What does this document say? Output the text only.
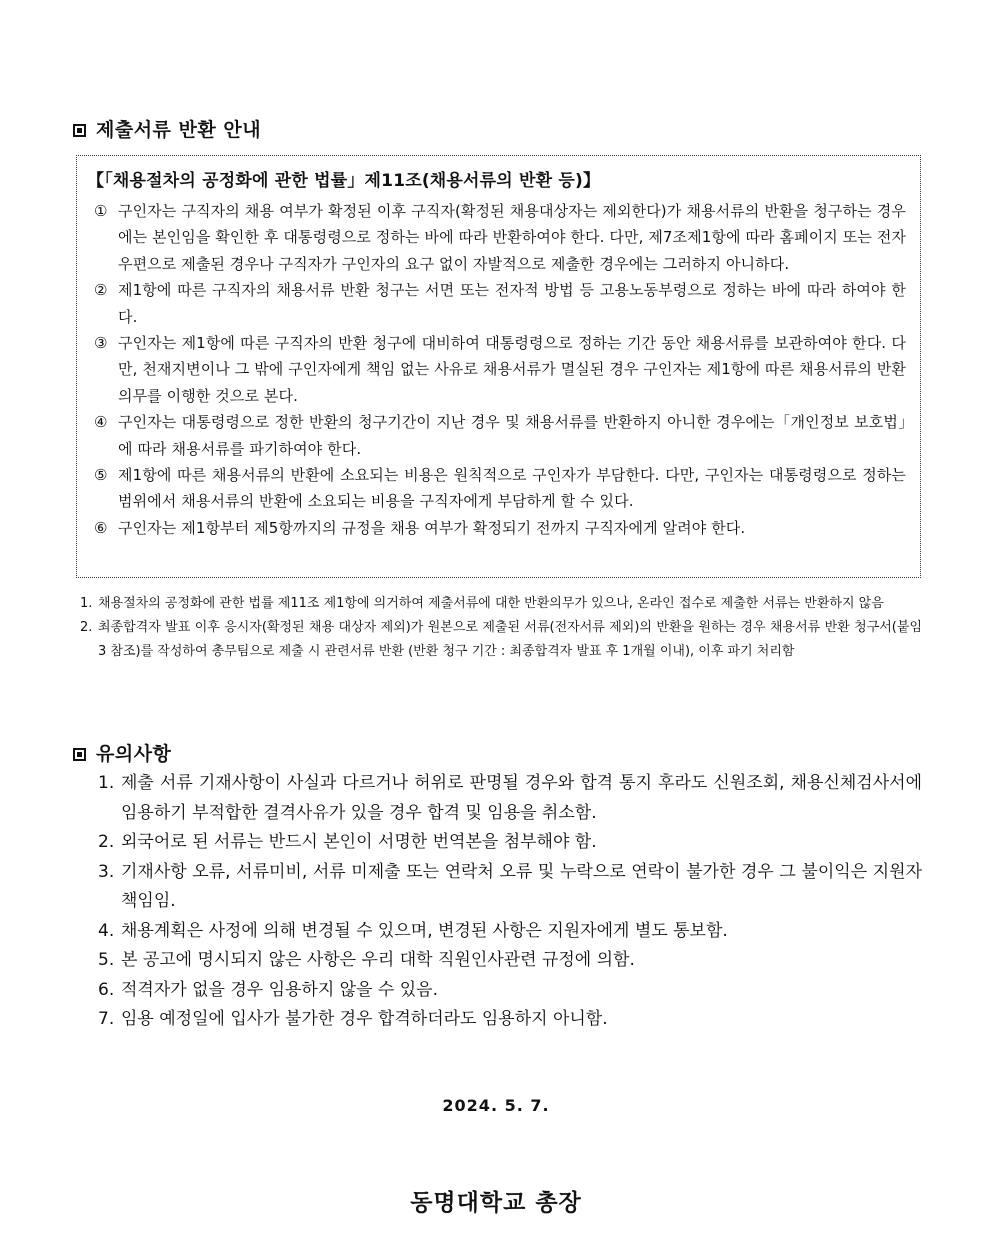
제출서류 반환 안내
【「채용절차의 공정화에 관한 법률」제11조(채용서류의 반환 등)】
① 구인자는 구직자의 채용 여부가 확정된 이후 구직자(확정된 채용대상자는 제외한다)가 채용서류의 반환을 청구하는 경우에는 본인임을 확인한 후 대통령령으로 정하는 바에 따라 반환하여야 한다. 다만, 제7조제1항에 따라 홈페이지 또는 전자우편으로 제출된 경우나 구직자가 구인자의 요구 없이 자발적으로 제출한 경우에는 그러하지 아니하다.
② 제1항에 따른 구직자의 채용서류 반환 청구는 서면 또는 전자적 방법 등 고용노동부령으로 정하는 바에 따라 하여야 한다.
③ 구인자는 제1항에 따른 구직자의 반환 청구에 대비하여 대통령령으로 정하는 기간 동안 채용서류를 보관하여야 한다. 다만, 천재지변이나 그 밖에 구인자에게 책임 없는 사유로 채용서류가 멸실된 경우 구인자는 제1항에 따른 채용서류의 반환 의무를 이행한 것으로 본다.
④ 구인자는 대통령령으로 정한 반환의 청구기간이 지난 경우 및 채용서류를 반환하지 아니한 경우에는「개인정보 보호법」에 따라 채용서류를 파기하여야 한다.
⑤ 제1항에 따른 채용서류의 반환에 소요되는 비용은 원칙적으로 구인자가 부담한다. 다만, 구인자는 대통령령으로 정하는 범위에서 채용서류의 반환에 소요되는 비용을 구직자에게 부담하게 할 수 있다.
⑥ 구인자는 제1항부터 제5항까지의 규정을 채용 여부가 확정되기 전까지 구직자에게 알려야 한다.
1. 채용절차의 공정화에 관한 법률 제11조 제1항에 의거하여 제출서류에 대한 반환의무가 있으나, 온라인 접수로 제출한 서류는 반환하지 않음
2. 최종합격자 발표 이후 응시자(확정된 채용 대상자 제외)가 원본으로 제출된 서류(전자서류 제외)의 반환을 원하는 경우 채용서류 반환 청구서(붙임3 참조)를 작성하여 총무팀으로 제출 시 관련서류 반환 (반환 청구 기간 : 최종합격자 발표 후 1개월 이내), 이후 파기 처리함
유의사항
1. 제출 서류 기재사항이 사실과 다르거나 허위로 판명될 경우와 합격 통지 후라도 신원조회, 채용신체검사서에 임용하기 부적합한 결격사유가 있을 경우 합격 및 임용을 취소함.
2. 외국어로 된 서류는 반드시 본인이 서명한 번역본을 첨부해야 함.
3. 기재사항 오류, 서류미비, 서류 미제출 또는 연락처 오류 및 누락으로 연락이 불가한 경우 그 불이익은 지원자 책임임.
4. 채용계획은 사정에 의해 변경될 수 있으며, 변경된 사항은 지원자에게 별도 통보함.
5. 본 공고에 명시되지 않은 사항은 우리 대학 직원인사관련 규정에 의함.
6. 적격자가 없을 경우 임용하지 않을 수 있음.
7. 임용 예정일에 입사가 불가한 경우 합격하더라도 임용하지 아니함.
2024. 5. 7.
동명대학교 총장
